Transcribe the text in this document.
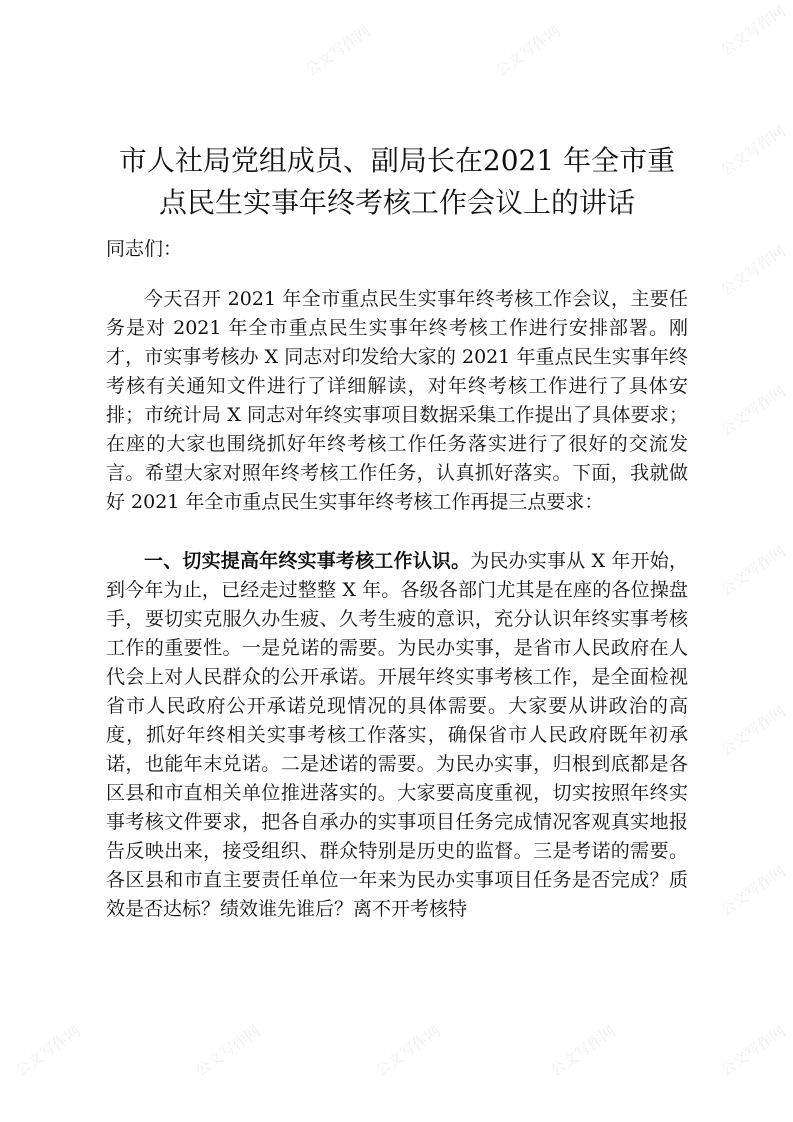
公文写作网
公文写作网
公文写作网
公文写作网
公文写作网
公文写作网
公文写作网
公文写作网
公文写作网	公文写作网
公文写作网	公文写作网	公文写作网	公文写作网
市人社局党组成员、副局长在2021 年全市重点民生实事年终考核工作会议上的讲话

同志们：

今天召开 2021 年全市重点民生实事年终考核工作会议，主要任务是对 2021 年全市重点民生实事年终考核工作进行安排部署。刚才，市实事考核办 X 同志对印发给大家的 2021 年重点民生实事年终考核有关通知文件进行了详细解读，对年终考核工作进行了具体安排；市统计局 X 同志对年终实事项目数据采集工作提出了具体要求；在座的大家也围绕抓好年终考核工作任务落实进行了很好的交流发言。希望大家对照年终考核工作任务，认真抓好落实。下面，我就做好 2021 年全市重点民生实事年终考核工作再提三点要求：

一、切实提高年终实事考核工作认识。为民办实事从 X 年开始，到今年为止，已经走过整整 X 年。各级各部门尤其是在座的各位操盘手，要切实克服久办生疲、久考生疲的意识，充分认识年终实事考核工作的重要性。一是兑诺的需要。为民办实事，是省市人民政府在人代会上对人民群众的公开承诺。开展年终实事考核工作，是全面检视省市人民政府公开承诺兑现情况的具体需要。大家要从讲政治的高度，抓好年终相关实事考核工作落实，确保省市人民政府既年初承诺，也能年末兑诺。二是述诺的需要。为民办实事，归根到底都是各区县和市直相关单位推进落实的。大家要高度重视，切实按照年终实事考核文件要求，把各自承办的实事项目任务完成情况客观真实地报告反映出来，接受组织、群众特别是历史的监督。三是考诺的需要。各区县和市直主要责任单位一年来为民办实事项目任务是否完成？质效是否达标？绩效谁先谁后？离不开考核特
